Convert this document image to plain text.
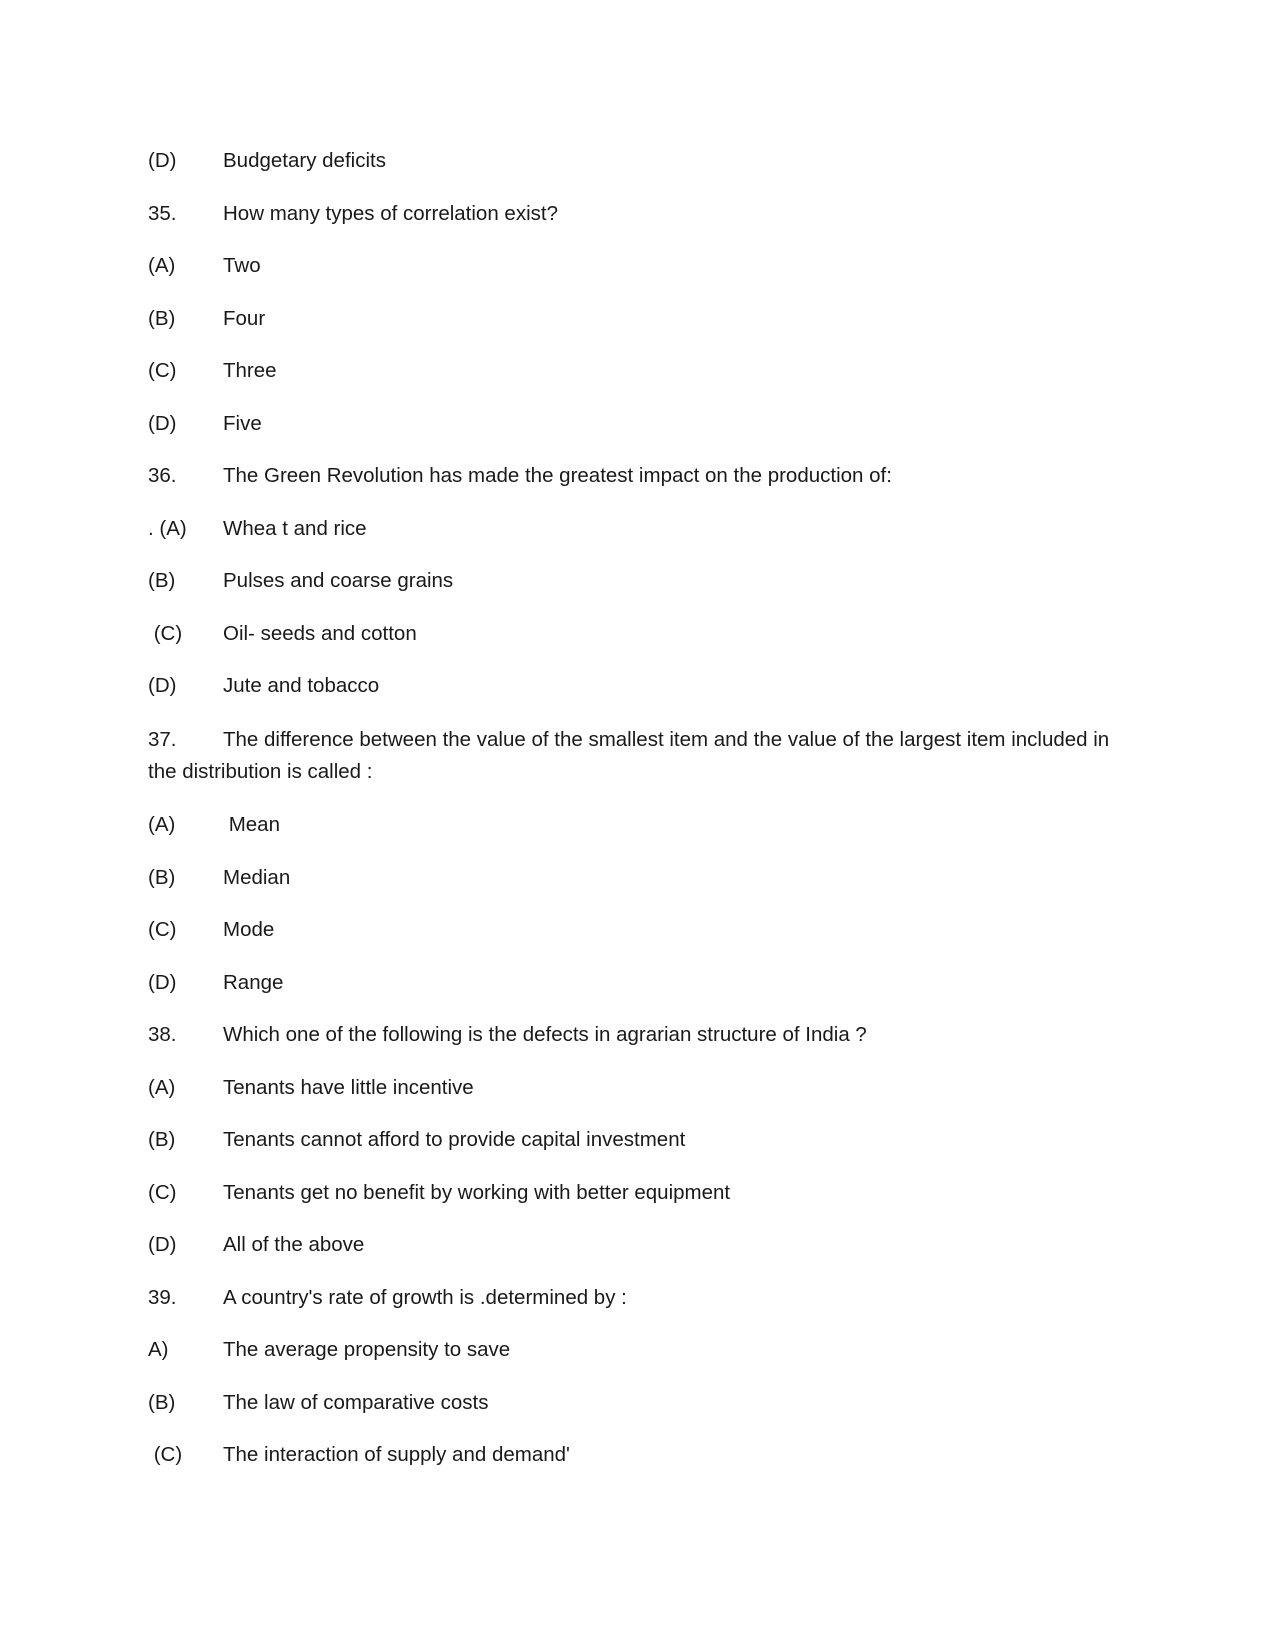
(D)	Budgetary deficits
35.	How many types of correlation exist?
(A)	Two
(B)	Four
(C)	Three
(D)	Five
36.	The Green Revolution has made the greatest impact on the production of:
. (A)	Whea t and rice
(B)	Pulses and coarse grains
(C)	Oil- seeds and cotton
(D)	Jute and tobacco
37. The difference between the value of the smallest item and the value of the largest item included in the distribution is called :
(A)	Mean
(B)	Median
(C)	Mode
(D)	Range
38.	Which one of the following is the defects in agrarian structure of India ?
(A)	Tenants have little incentive
(B)	Tenants cannot afford to provide capital investment
(C)	Tenants get no benefit by working with better equipment
(D)	All of the above
39.	A country's rate of growth is .determined by :
A)	The average propensity to save
(B)	The law of comparative costs
(C)	The interaction of supply and demand'
